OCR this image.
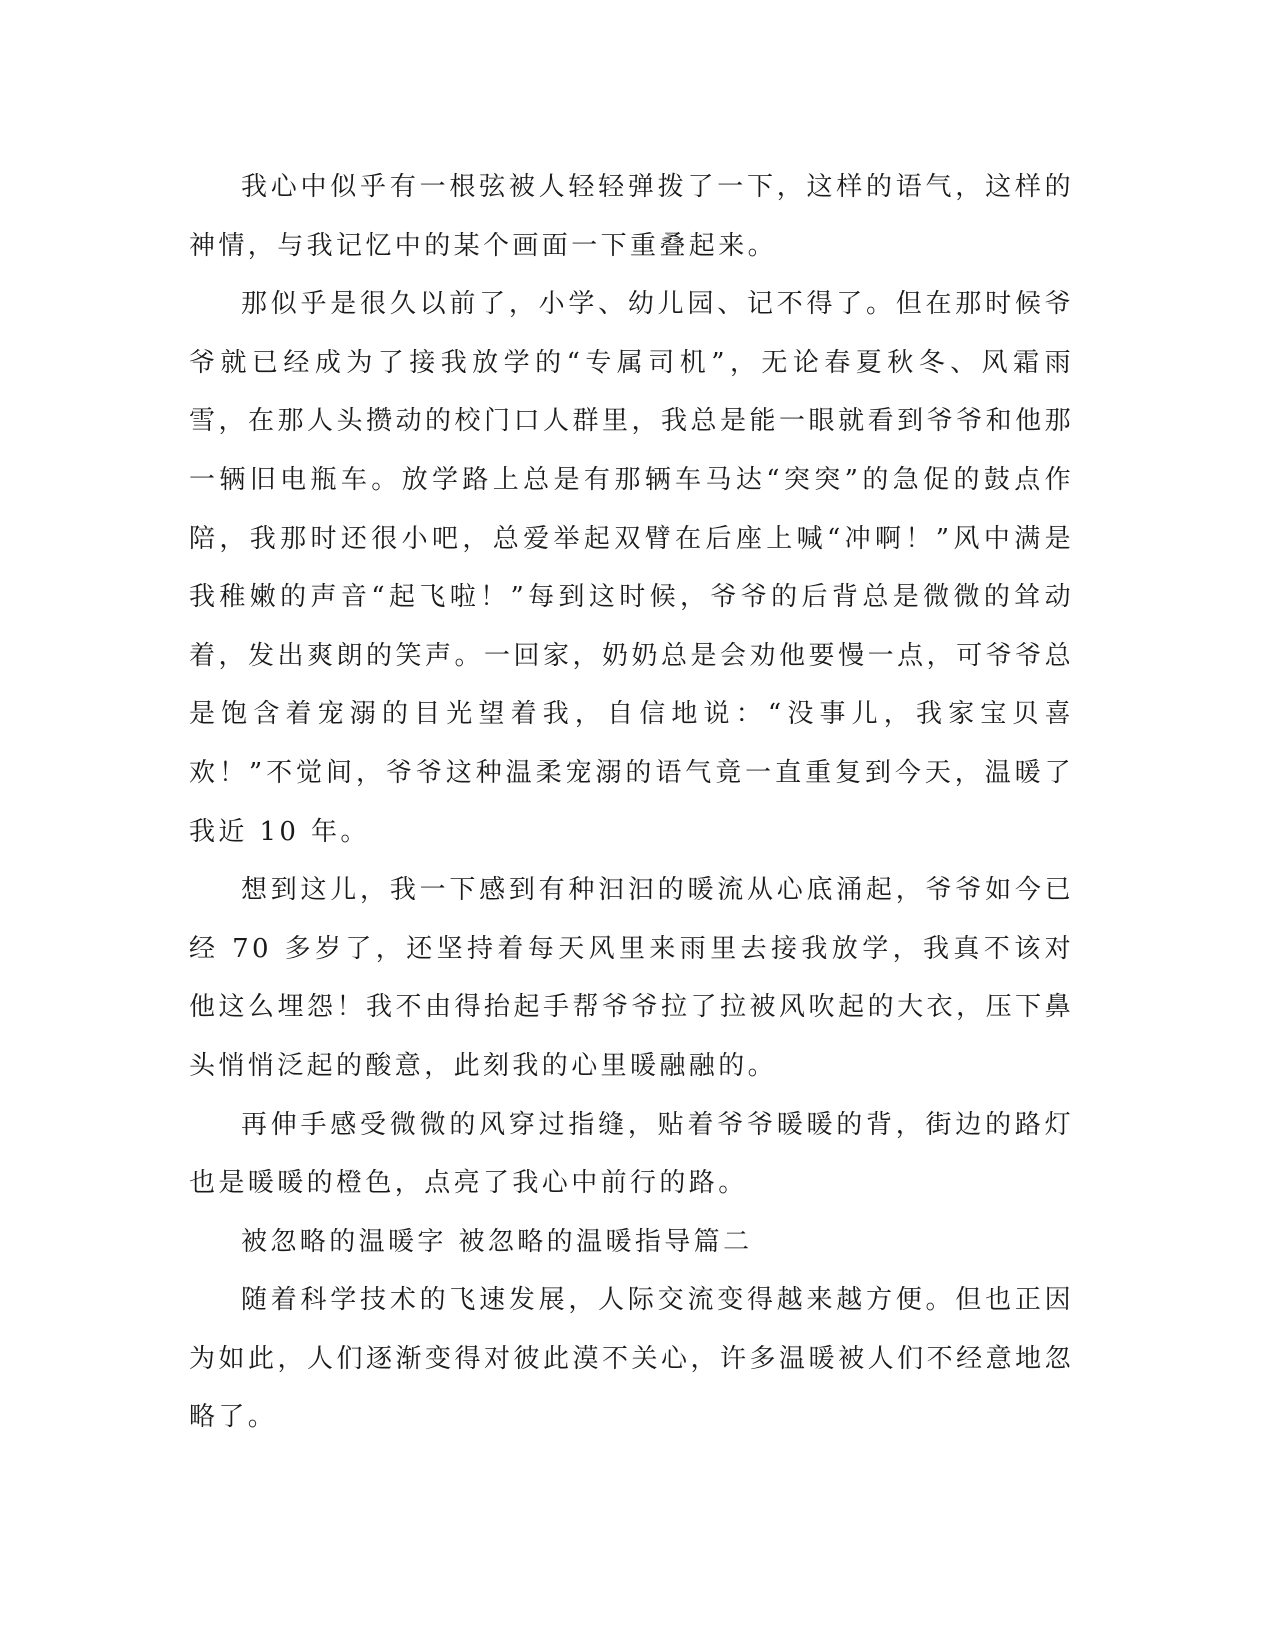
我心中似乎有一根弦被人轻轻弹拨了一下，这样的语气，这样的神情，与我记忆中的某个画面一下重叠起来。

那似乎是很久以前了，小学、幼儿园、记不得了。但在那时候爷爷就已经成为了接我放学的“专属司机”，无论春夏秋冬、风霜雨雪，在那人头攒动的校门口人群里，我总是能一眼就看到爷爷和他那一辆旧电瓶车。放学路上总是有那辆车马达“突突”的急促的鼓点作陪，我那时还很小吧，总爱举起双臂在后座上喊“冲啊！”风中满是我稚嫩的声音“起飞啦！”每到这时候，爷爷的后背总是微微的耸动着，发出爽朗的笑声。一回家，奶奶总是会劝他要慢一点，可爷爷总是饱含着宠溺的目光望着我，自信地说：“没事儿，我家宝贝喜欢！”不觉间，爷爷这种温柔宠溺的语气竟一直重复到今天，温暖了我近 10 年。

想到这儿，我一下感到有种汩汩的暖流从心底涌起，爷爷如今已经 70 多岁了，还坚持着每天风里来雨里去接我放学，我真不该对他这么埋怨！我不由得抬起手帮爷爷拉了拉被风吹起的大衣，压下鼻头悄悄泛起的酸意，此刻我的心里暖融融的。

再伸手感受微微的风穿过指缝，贴着爷爷暖暖的背，街边的路灯也是暖暖的橙色，点亮了我心中前行的路。

被忽略的温暖字 被忽略的温暖指导篇二

随着科学技术的飞速发展，人际交流变得越来越方便。但也正因为如此，人们逐渐变得对彼此漠不关心，许多温暖被人们不经意地忽略了。
